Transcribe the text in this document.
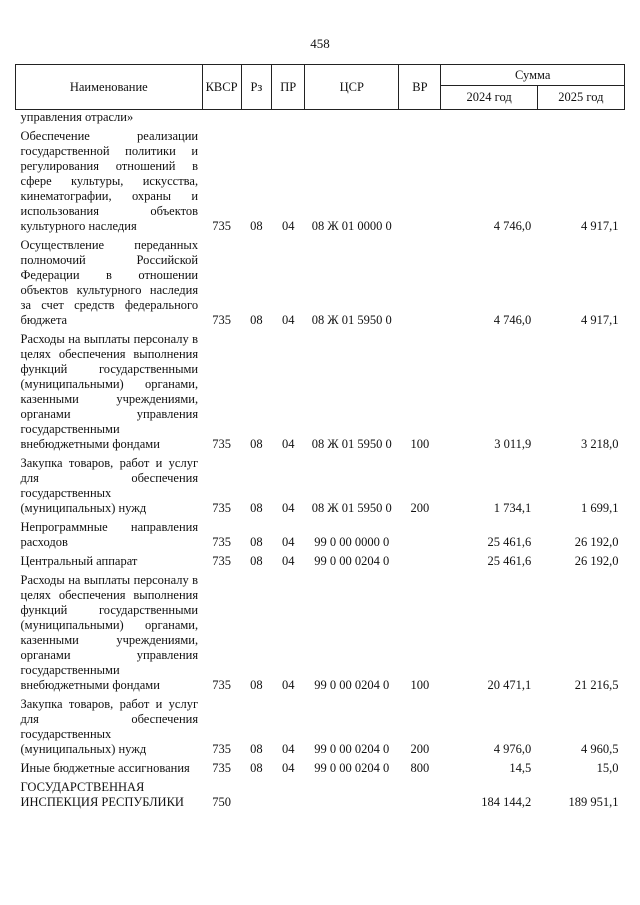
458
Наименование	КВСР	Рз	ПР	ЦСР	ВР	Сумма	
						2024 год	2025 год
управления отрасли»							
Обеспечение реализации государственной политики и регулирования отношений в сфере культуры, искусства, кинематографии, охраны и использования объектов культурного наследия	735	08	04	08 Ж 01 0000 0		4 746,0	4 917,1
Осуществление переданных полномочий Российской Федерации в отношении объектов культурного наследия за счет средств федерального бюджета	735	08	04	08 Ж 01 5950 0		4 746,0	4 917,1
Расходы на выплаты персоналу в целях обеспечения выполнения функций государственными (муниципальными) органами, казенными учреждениями, органами управления государственными внебюджетными фондами	735	08	04	08 Ж 01 5950 0	100	3 011,9	3 218,0
Закупка товаров, работ и услуг для обеспечения государственных (муниципальных) нужд	735	08	04	08 Ж 01 5950 0	200	1 734,1	1 699,1
Непрограммные направления расходов	735	08	04	99 0 00 0000 0		25 461,6	26 192,0
Центральный аппарат	735	08	04	99 0 00 0204 0		25 461,6	26 192,0
Расходы на выплаты персоналу в целях обеспечения выполнения функций государственными (муниципальными) органами, казенными учреждениями, органами управления государственными внебюджетными фондами	735	08	04	99 0 00 0204 0	100	20 471,1	21 216,5
Закупка товаров, работ и услуг для обеспечения государственных (муниципальных) нужд	735	08	04	99 0 00 0204 0	200	4 976,0	4 960,5
Иные бюджетные ассигнования	735	08	04	99 0 00 0204 0	800	14,5	15,0
ГОСУДАРСТВЕННАЯ ИНСПЕКЦИЯ РЕСПУБЛИКИ	750					184 144,2	189 951,1
